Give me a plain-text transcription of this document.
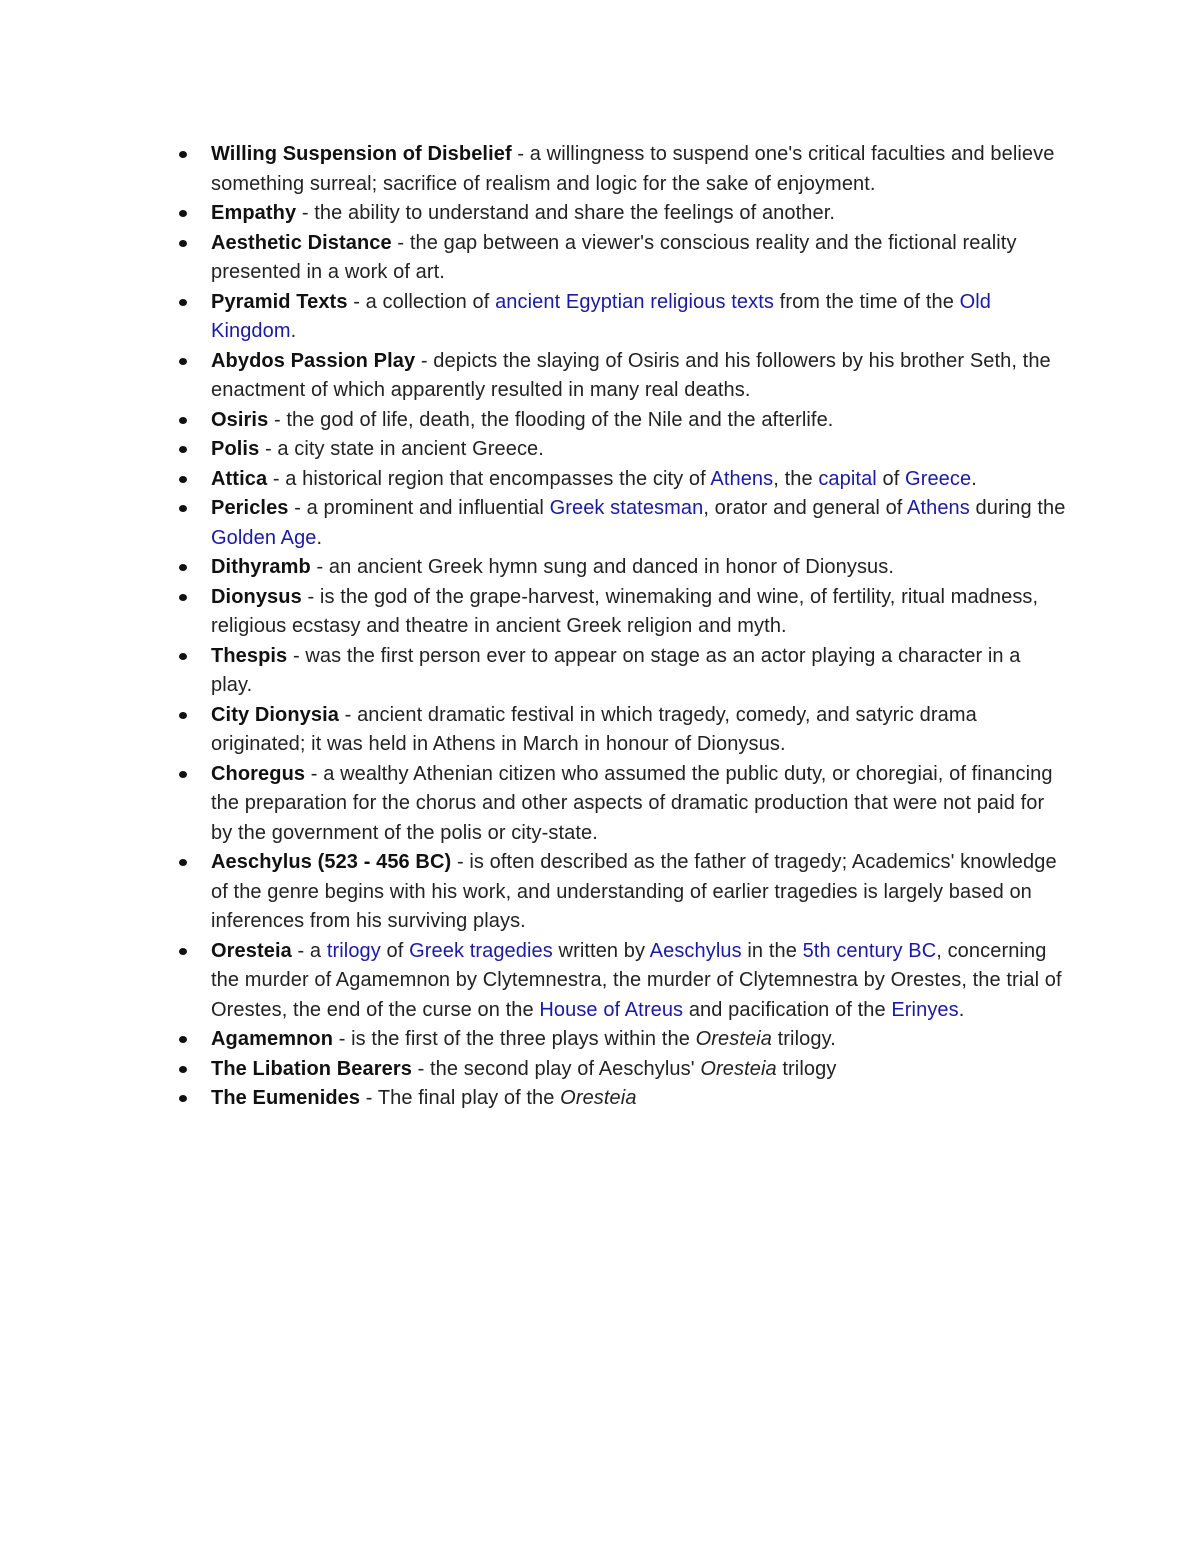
Willing Suspension of Disbelief - a willingness to suspend one's critical faculties and believe something surreal; sacrifice of realism and logic for the sake of enjoyment.
Empathy - the ability to understand and share the feelings of another.
Aesthetic Distance - the gap between a viewer's conscious reality and the fictional reality presented in a work of art.
Pyramid Texts - a collection of ancient Egyptian religious texts from the time of the Old Kingdom.
Abydos Passion Play - depicts the slaying of Osiris and his followers by his brother Seth, the enactment of which apparently resulted in many real deaths.
Osiris - the god of life, death, the flooding of the Nile and the afterlife.
Polis - a city state in ancient Greece.
Attica - a historical region that encompasses the city of Athens, the capital of Greece.
Pericles - a prominent and influential Greek statesman, orator and general of Athens during the Golden Age.
Dithyramb - an ancient Greek hymn sung and danced in honor of Dionysus.
Dionysus - is the god of the grape-harvest, winemaking and wine, of fertility, ritual madness, religious ecstasy and theatre in ancient Greek religion and myth.
Thespis - was the first person ever to appear on stage as an actor playing a character in a play.
City Dionysia - ancient dramatic festival in which tragedy, comedy, and satyric drama originated; it was held in Athens in March in honour of Dionysus.
Choregus - a wealthy Athenian citizen who assumed the public duty, or choregiai, of financing the preparation for the chorus and other aspects of dramatic production that were not paid for by the government of the polis or city-state.
Aeschylus (523 - 456 BC) - is often described as the father of tragedy; Academics' knowledge of the genre begins with his work, and understanding of earlier tragedies is largely based on inferences from his surviving plays.
Oresteia - a trilogy of Greek tragedies written by Aeschylus in the 5th century BC, concerning the murder of Agamemnon by Clytemnestra, the murder of Clytemnestra by Orestes, the trial of Orestes, the end of the curse on the House of Atreus and pacification of the Erinyes.
Agamemnon - is the first of the three plays within the Oresteia trilogy.
The Libation Bearers - the second play of Aeschylus' Oresteia trilogy
The Eumenides - The final play of the Oresteia
